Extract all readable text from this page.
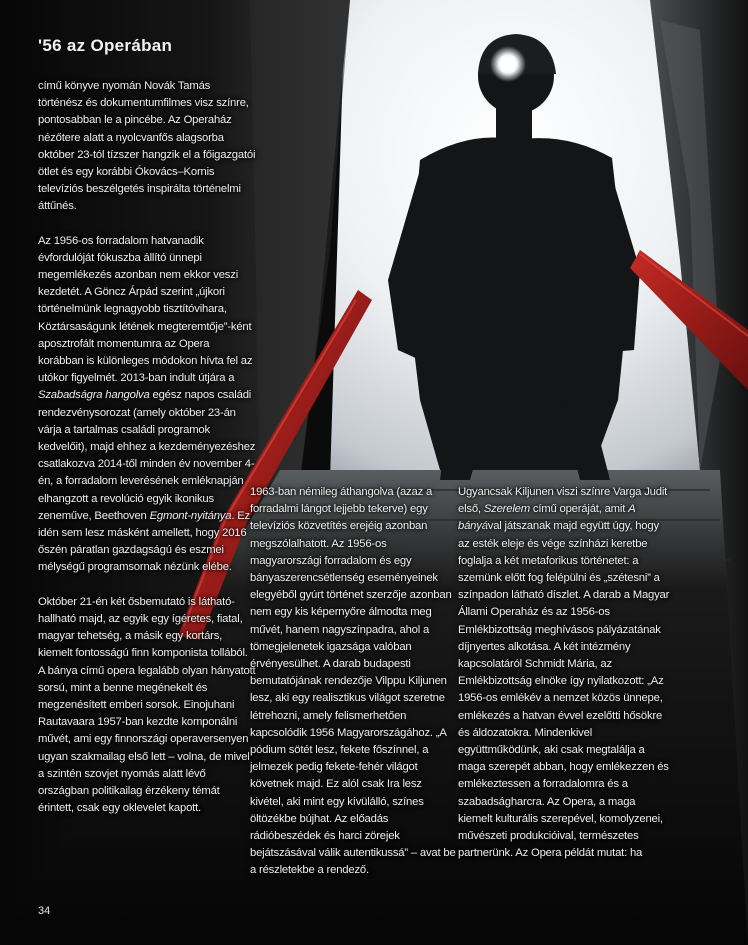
'56 az Operában

című könyve nyomán Novák Tamás történész és dokumentumfilmes visz színre, pontosabban le a pincébe. Az Operaház nézőtere alatt a nyolcvanfős alagsorba október 23-tól tízszer hangzik el a főigazgatói ötlet és egy korábbi Ókovács–Kornis televíziós beszélgetés inspirálta történelmi áttűnés.

Az 1956-os forradalom hatvanadik évfordulóját fókuszba állító ünnepi megemlékezés azonban nem ekkor veszi kezdetét. A Göncz Árpád szerint „újkori történelmünk legnagyobb tisztítóvihara, Köztársaságunk létének megteremtője”-ként aposztrofált momentumra az Opera korábban is különleges módokon hívta fel az utókor figyelmét. 2013-ban indult útjára a Szabadságra hangolva egész napos családi rendezvénysorozat (amely október 23-án várja a tartalmas családi programok kedvelőit), majd ehhez a kezdeményezéshez csatlakozva 2014-től minden év november 4-én, a forradalom leverésének emléknapján elhangzott a revolúció egyik ikonikus zeneműve, Beethoven Egmont-nyitánya. Ez idén sem lesz másként amellett, hogy 2016 őszén páratlan gazdagságú és eszmei mélységű programsornak nézünk elébe.

Október 21-én két ősbemutató is látható-hallható majd, az egyik egy ígéretes, fiatal, magyar tehetség, a másik egy kortárs, kiemelt fontosságú finn komponista tollából. A bánya című opera legalább olyan hányatott sorsú, mint a benne megénekelt és megzenésített emberi sorsok. Einojuhani Rautavaara 1957-ban kezdte komponálni művét, ami egy finnországi operaversenyen ugyan szakmailag első lett – volna, de mivel a szintén szovjet nyomás alatt lévő országban politikailag érzékeny témát érintett, csak egy oklevelet kapott.

1963-ban némileg áthangolva (azaz a forradalmi lángot lejjebb tekerve) egy televíziós közvetítés erejéig azonban megszólalhatott. Az 1956-os magyarországi forradalom és egy bányaszerencsétlenség eseményeinek elegyéből gyúrt történet szerzője azonban nem egy kis képernyőre álmodta meg művét, hanem nagyszínpadra, ahol a tömegjelenetek igazsága valóban érvényesülhet. A darab budapesti bemutatójának rendezője Vilppu Kiljunen lesz, aki egy realisztikus világot szeretne létrehozni, amely felismerhetően kapcsolódik 1956 Magyarországához. „A pódium sötét lesz, fekete főszínnel, a jelmezek pedig fekete-fehér világot követnek majd. Ez alól csak Ira lesz kivétel, aki mint egy kívülálló, színes öltözékbe bújhat. Az előadás rádióbeszédek és harci zörejek bejátszásával válik autentikussá” – avat be a részletekbe a rendező.

Ugyancsak Kiljunen viszi színre Varga Judit első, Szerelem című operáját, amit A bányával játszanak majd együtt úgy, hogy az esték eleje és vége színházi keretbe foglalja a két metaforikus történetet: a szemünk előtt fog felépülni és „szétesni” a színpadon látható díszlet. A darab a Magyar Állami Operaház és az 1956-os Emlékbizottság meghívásos pályázatának díjnyertes alkotása. A két intézmény kapcsolatáról Schmidt Mária, az Emlékbizottság elnöke így nyilatkozott: „Az 1956-os emlékév a nemzet közös ünnepe, emlékezés a hatvan évvel ezelőtti hősökre és áldozatokra. Mindenkivel együttműködünk, aki csak megtalálja a maga szerepét abban, hogy emlékezzen és emlékeztessen a forradalomra és a szabadságharcra. Az Opera, a maga kiemelt kulturális szerepével, komolyzenei, művészeti produkcióival, természetes partnerünk. Az Opera példát mutat: ha

34
